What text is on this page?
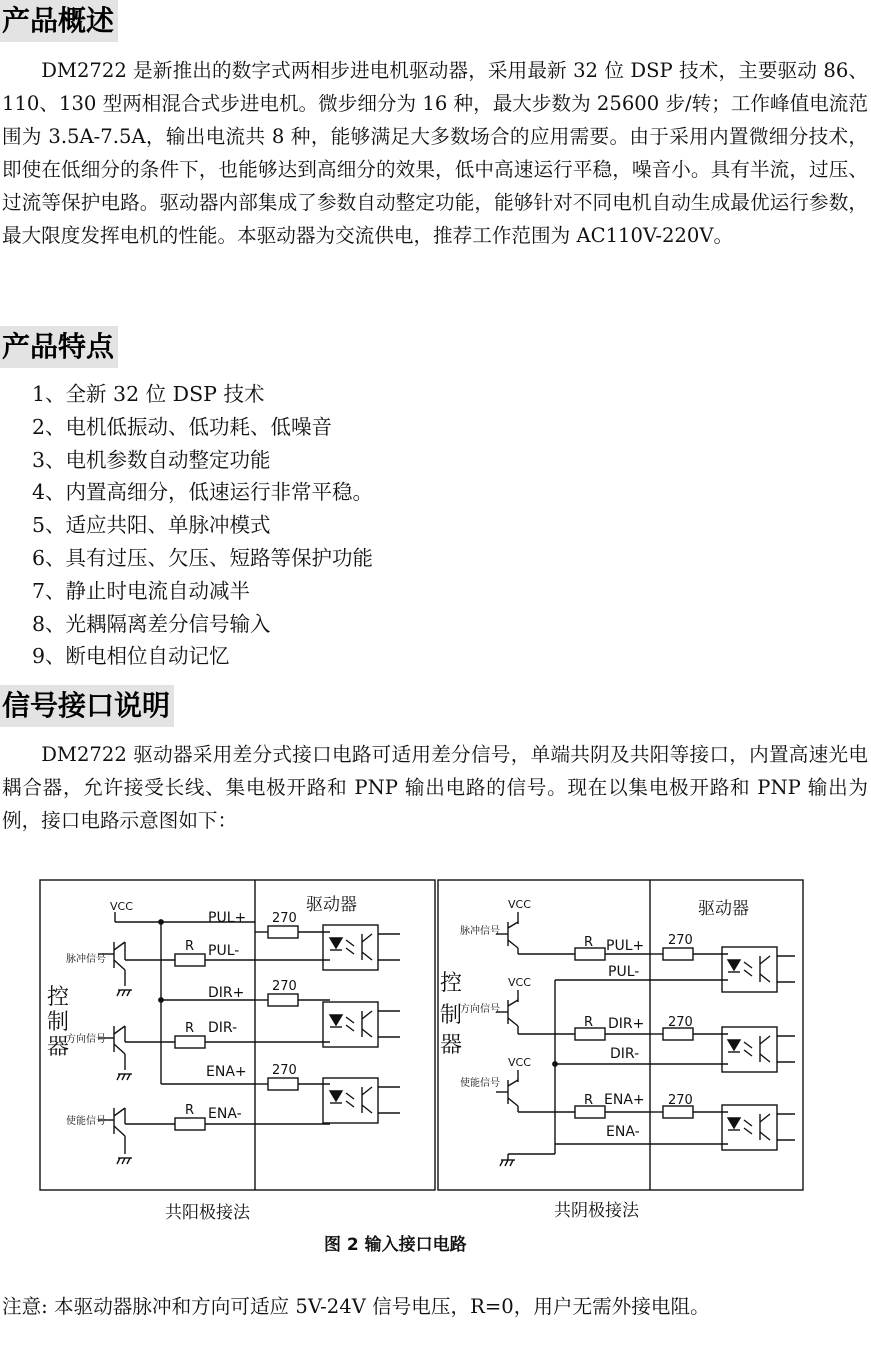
产品概述

DM2722 是新推出的数字式两相步进电机驱动器，采用最新 32 位 DSP 技术，主要驱动 86、110、130 型两相混合式步进电机。微步细分为 16 种，最大步数为 25600 步/转；工作峰值电流范围为 3.5A-7.5A，输出电流共 8 种，能够满足大多数场合的应用需要。由于采用内置微细分技术，即使在低细分的条件下，也能够达到高细分的效果，低中高速运行平稳，噪音小。具有半流，过压、过流等保护电路。驱动器内部集成了参数自动整定功能，能够针对不同电机自动生成最优运行参数，最大限度发挥电机的性能。本驱动器为交流供电，推荐工作范围为 AC110V-220V。

产品特点
1、全新 32 位 DSP 技术
2、电机低振动、低功耗、低噪音
3、电机参数自动整定功能
4、内置高细分，低速运行非常平稳。
5、适应共阳、单脉冲模式
6、具有过压、欠压、短路等保护功能
7、静止时电流自动减半
8、光耦隔离差分信号输入
9、断电相位自动记忆
信号接口说明

DM2722 驱动器采用差分式接口电路可适用差分信号，单端共阴及共阳等接口，内置高速光电耦合器，允许接受长线、集电极开路和 PNP 输出电路的信号。现在以集电极开路和 PNP 输出为例，接口电路示意图如下：

VCC
控
制
器
脉冲信号
方向信号
使能信号
PUL+
PUL-
DIR+
DIR-
ENA+
ENA-
R
R
R
270
270
270
驱动器
共阳极接法
VCC
VCC
VCC
控
制
器
脉冲信号
方向信号
使能信号
PUL+
PUL-
DIR+
DIR-
ENA+
ENA-
R
R
R
270
270
270
驱动器
共阴极接法
图 2 输入接口电路
注意: 本驱动器脉冲和方向可适应 5V-24V 信号电压，R=0，用户无需外接电阻。
